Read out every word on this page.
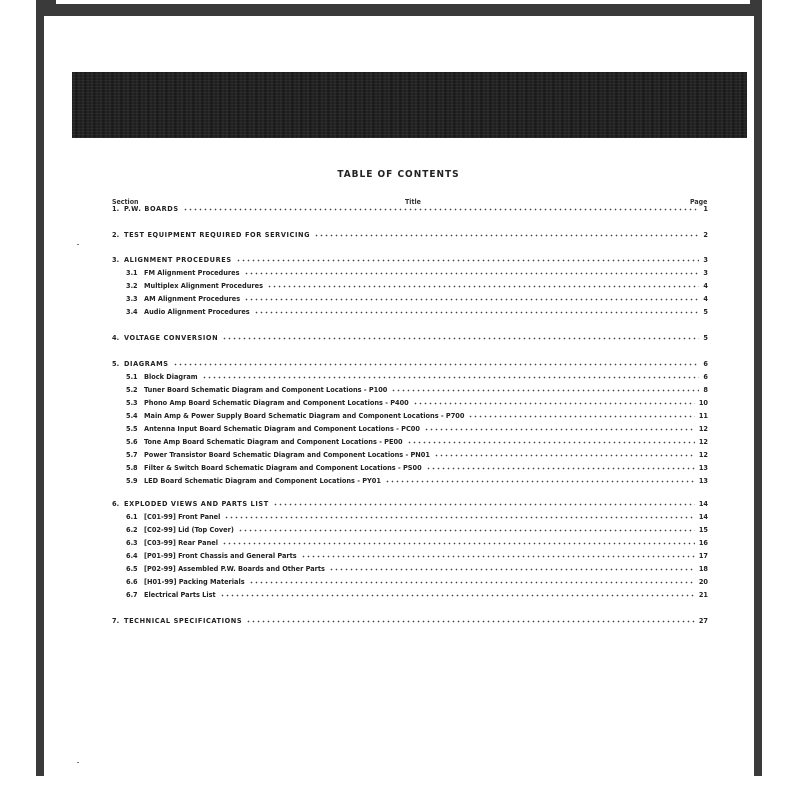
TABLE OF CONTENTS
Section	Title	Page
1. P.W. BOARDS	1
2. TEST EQUIPMENT REQUIRED FOR SERVICING	2
3. ALIGNMENT PROCEDURES	3
3.1 FM Alignment Procedures	3
3.2 Multiplex Alignment Procedures	4
3.3 AM Alignment Procedures	4
3.4 Audio Alignment Procedures	5
4. VOLTAGE CONVERSION	5
5. DIAGRAMS	6
5.1 Block Diagram	6
5.2 Tuner Board Schematic Diagram and Component Locations - P100	8
5.3 Phono Amp Board Schematic Diagram and Component Locations - P400	10
5.4 Main Amp & Power Supply Board Schematic Diagram and Component Locations - P700	11
5.5 Antenna Input Board Schematic Diagram and Component Locations - PC00	12
5.6 Tone Amp Board Schematic Diagram and Component Locations - PE00	12
5.7 Power Transistor Board Schematic Diagram and Component Locations - PN01	12
5.8 Filter & Switch Board Schematic Diagram and Component Locations - PS00	13
5.9 LED Board Schematic Diagram and Component Locations - PY01	13
6. EXPLODED VIEWS AND PARTS LIST	14
6.1 [C01-99] Front Panel	14
6.2 [C02-99] Lid (Top Cover)	15
6.3 [C03-99] Rear Panel	16
6.4 [P01-99] Front Chassis and General Parts	17
6.5 [P02-99] Assembled P.W. Boards and Other Parts	18
6.6 [H01-99] Packing Materials	20
6.7 Electrical Parts List	21
7. TECHNICAL SPECIFICATIONS	27
